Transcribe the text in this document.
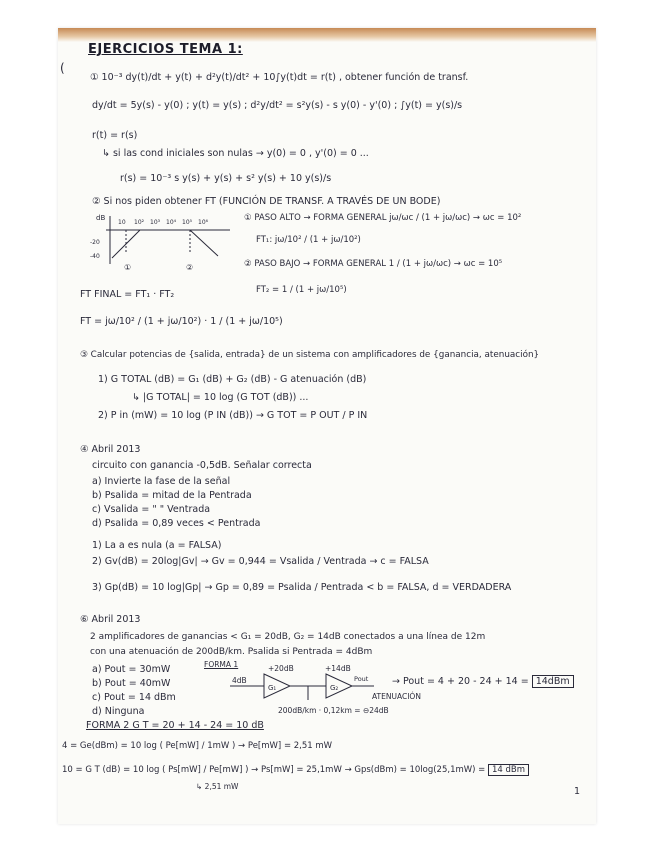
(
EJERCICIOS TEMA 1:
① 10⁻³ dy(t)/dt + y(t) + d²y(t)/dt² + 10∫y(t)dt = r(t) , obtener función de transf.
dy/dt = 5y(s) - y(0) ; y(t) = y(s) ; d²y/dt² = s²y(s) - s y(0) - y'(0) ; ∫y(t) = y(s)/s
r(t) = r(s)
↳ si las cond iniciales son nulas → y(0) = 0 , y'(0) = 0 ...
r(s) = 10⁻³ s y(s) + y(s) + s² y(s) + 10 y(s)/s
② Si nos piden obtener FT (FUNCIÓN DE TRANSF. A TRAVÉS DE UN BODE)
dB
10 10² 10³ 10⁴ 10⁵ 10⁶
-20
-40
①	②
① PASO ALTO → FORMA GENERAL jω/ωc / (1 + jω/ωc) → ωc = 10²
FT₁: jω/10² / (1 + jω/10²)
② PASO BAJO → FORMA GENERAL 1 / (1 + jω/ωc) → ωc = 10⁵
FT₂ = 1 / (1 + jω/10⁵)
FT FINAL = FT₁ · FT₂
FT = jω/10² / (1 + jω/10²) · 1 / (1 + jω/10⁵)
③ Calcular potencias de {salida, entrada} de un sistema con amplificadores de {ganancia, atenuación}
1) G TOTAL (dB) = G₁ (dB) + G₂ (dB) - G atenuación (dB)
↳ |G TOTAL| = 10 log (G TOT (dB)) ...
2) P in (mW) = 10 log (P IN (dB)) → G TOT = P OUT / P IN
④ Abril 2013
circuito con ganancia -0,5dB. Señalar correcta
a) Invierte la fase de la señal
b) Psalida = mitad de la Pentrada
c) Vsalida = " " Ventrada
d) Psalida = 0,89 veces < Pentrada
1) La a es nula (a = FALSA)
2) Gv(dB) = 20log|Gv| → Gv = 0,944 = Vsalida / Ventrada → c = FALSA
3) Gp(dB) = 10 log|Gp| → Gp = 0,89 = Psalida / Pentrada < b = FALSA, d = VERDADERA
⑥ Abril 2013
2 amplificadores de ganancias < G₁ = 20dB, G₂ = 14dB conectados a una línea de 12m
con una atenuación de 200dB/km. Psalida si Pentrada = 4dBm
a) Pout = 30mW
b) Pout = 40mW
c) Pout = 14 dBm
d) Ninguna
FORMA 1
4dB
+20dB	+14dB
G₁	G₂
Pout
ATENUACIÓN
200dB/km · 0,12km = ⊖24dB
→ Pout = 4 + 20 - 24 + 14 = 14dBm
FORMA 2 G T = 20 + 14 - 24 = 10 dB
4 = Ge(dBm) = 10 log ( Pe[mW] / 1mW ) → Pe[mW] = 2,51 mW
10 = G T (dB) = 10 log ( Ps[mW] / Pe[mW] ) → Ps[mW] = 25,1mW → Gps(dBm) = 10log(25,1mW) = 14 dBm
↳ 2,51 mW	1
